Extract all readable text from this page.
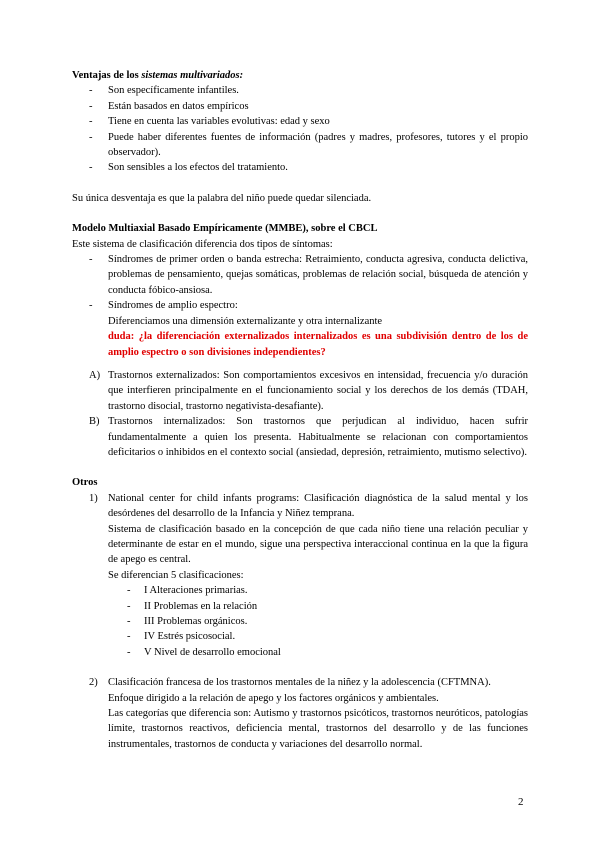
Ventajas de los sistemas multivariados:

- Son específicamente infantiles.
- Están basados en datos empíricos
- Tiene en cuenta las variables evolutivas: edad y sexo
- Puede haber diferentes fuentes de información (padres y madres, profesores, tutores y el propio observador).
- Son sensibles a los efectos del tratamiento.

Su única desventaja es que la palabra del niño puede quedar silenciada.

Modelo Multiaxial Basado Empíricamente (MMBE), sobre el CBCL

Este sistema de clasificación diferencia dos tipos de síntomas:

- Síndromes de primer orden o banda estrecha: Retraimiento, conducta agresiva, conducta delictiva, problemas de pensamiento, quejas somáticas, problemas de relación social, búsqueda de atención y conducta fóbico-ansiosa.
- Síndromes de amplio espectro:
Diferenciamos una dimensión externalizante y otra internalizante
duda: ¿la diferenciación externalizados internalizados es una subdivisión dentro de los de amplio espectro o son divisiones independientes?
A) Trastornos externalizados: Son comportamientos excesivos en intensidad, frecuencia y/o duración que interfieren principalmente en el funcionamiento social y los derechos de los demás (TDAH, trastorno disocial, trastorno negativista-desafiante).
B) Trastornos internalizados: Son trastornos que perjudican al individuo, hacen sufrir fundamentalmente a quien los presenta. Habitualmente se relacionan con comportamientos deficitarios o inhibidos en el contexto social (ansiedad, depresión, retraimiento, mutismo selectivo).

Otros

1) National center for child infants programs: Clasificación diagnóstica de la salud mental y los desórdenes del desarrollo de la Infancia y Niñez temprana.

Sistema de clasificación basado en la concepción de que cada niño tiene una relación peculiar y determinante de estar en el mundo, sigue una perspectiva interaccional continua en la que la figura de apego es central.

Se diferencian 5 clasificaciones:

- I Alteraciones primarias.
- II Problemas en la relación
- III Problemas orgánicos.
- IV Estrés psicosocial.
- V Nivel de desarrollo emocional
2) Clasificación francesa de los trastornos mentales de la niñez y la adolescencia (CFTMNA).

Enfoque dirigido a la relación de apego y los factores orgánicos y ambientales.

Las categorías que diferencia son: Autismo y trastornos psicóticos, trastornos neuróticos, patologías límite, trastornos reactivos, deficiencia mental, trastornos del desarrollo y de las funciones instrumentales, trastornos de conducta y variaciones del desarrollo normal.

2
